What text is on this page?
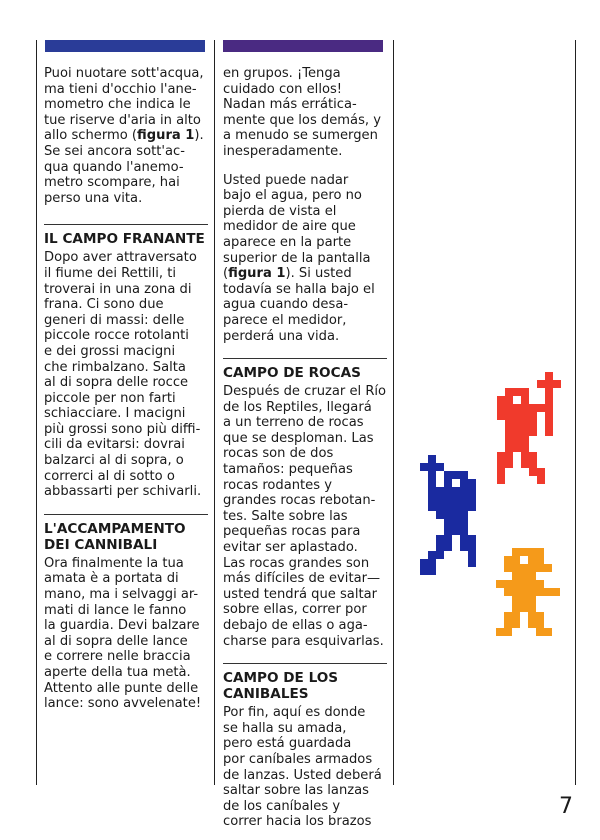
Puoi nuotare sott'acqua,

ma tieni d'occhio l'ane-

mometro che indica le

tue riserve d'aria in alto

allo schermo (figura 1).

Se sei ancora sott'ac-

qua quando l'anemo-

metro scompare, hai

perso una vita.

IL CAMPO FRANANTE

Dopo aver attraversato

il fiume dei Rettili, ti

troverai in una zona di

frana. Ci sono due

generi di massi: delle

piccole rocce rotolanti

e dei grossi macigni

che rimbalzano. Salta

al di sopra delle rocce

piccole per non farti

schiacciare. I macigni

più grossi sono più diffi-

cili da evitarsi: dovrai

balzarci al di sopra, o

correrci al di sotto o

abbassarti per schivarli.

L'ACCAMPAMENTO
DEI CANNIBALI

Ora finalmente la tua

amata è a portata di

mano, ma i selvaggi ar-

mati di lance le fanno

la guardia. Devi balzare

al di sopra delle lance

e correre nelle braccia

aperte della tua metà.

Attento alle punte delle

lance: sono avvelenate!

en grupos. ¡Tenga

cuidado con ellos!

Nadan más errática-

mente que los demás, y

a menudo se sumergen

inesperadamente.

Usted puede nadar

bajo el agua, pero no

pierda de vista el

medidor de aire que

aparece en la parte

superior de la pantalla

(figura 1). Si usted

todavía se halla bajo el

agua cuando desa-

parece el medidor,

perderá una vida.

CAMPO DE ROCAS

Después de cruzar el Río

de los Reptiles, llegará

a un terreno de rocas

que se desploman. Las

rocas son de dos

tamaños: pequeñas

rocas rodantes y

grandes rocas rebotan-

tes. Salte sobre las

pequeñas rocas para

evitar ser aplastado.

Las rocas grandes son

más difíciles de evitar—

usted tendrá que saltar

sobre ellas, correr por

debajo de ellas o aga-

charse para esquivarlas.

CAMPO DE LOS
CANIBALES

Por fin, aquí es donde

se halla su amada,

pero está guardada

por caníbales armados

de lanzas. Usted deberá

saltar sobre las lanzas

de los caníbales y

correr hacia los brazos

7
